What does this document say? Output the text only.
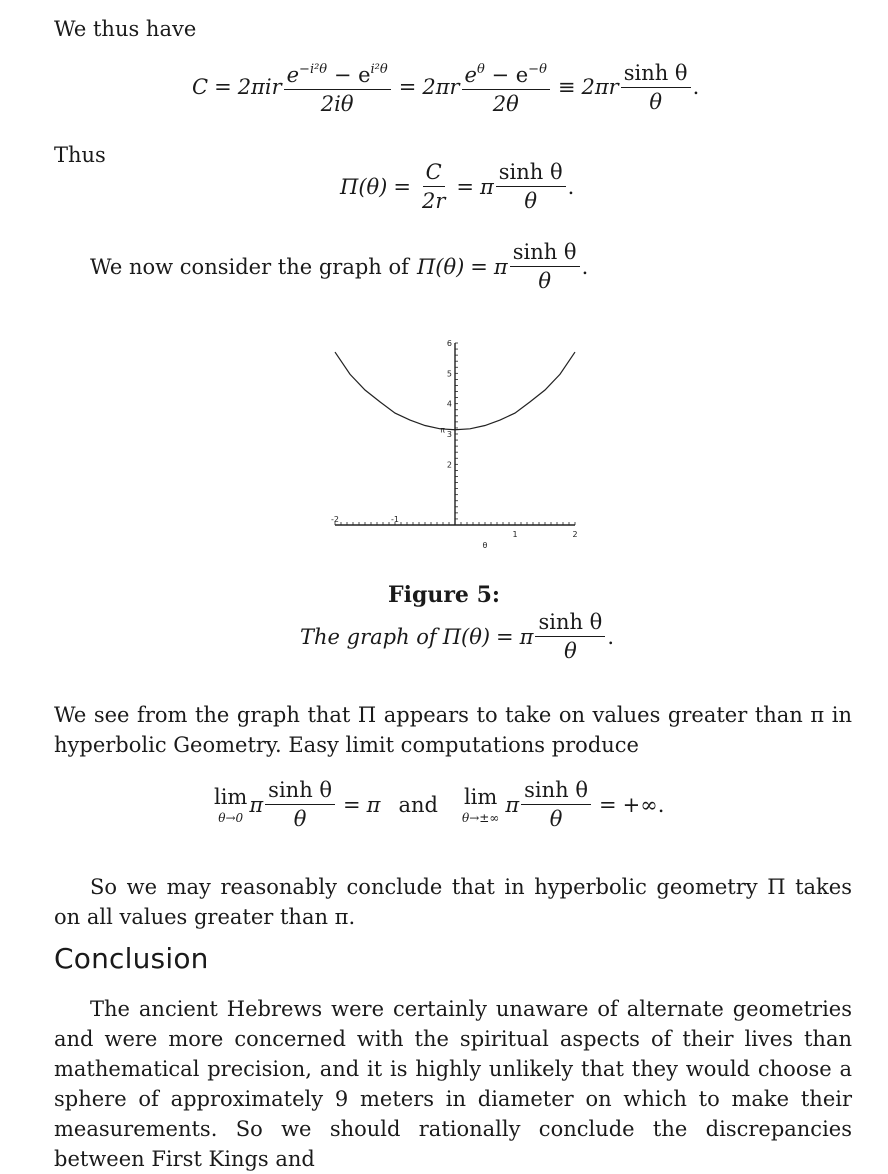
We thus have

$C = 2\pi ir \frac{e^{-i^2\theta} - e^{i^2\theta}}{2i\theta} = 2\pi r \frac{e^\theta - e^{-\theta}}{2\theta} \equiv 2\pi r \frac{\text{sinh θ}}{\theta}$ .

Thus

$\Pi(\theta) = \frac{C}{2r} = \pi \frac{\text{sinh θ}}{\theta}$ .
We now consider the graph of Π(θ) = π $\frac{\text{sinh θ}}{\theta}$ .
-2	-1
1	2
2
3
4
5
6
π
θ
Figure 5:
The graph of Π(θ) = π $\frac{\text{sinh θ}}{\theta}$ .

We see from the graph that Π appears to take on values greater than π in hyperbolic Geometry. Easy limit computations produce

lim
θ→0
π $\frac{\text{sinh θ}}{\theta} = \pi$ and lim
θ→±∞
π $\frac{\text{sinh θ}}{\theta}$ = +∞.

So we may reasonably conclude that in hyperbolic geometry Π takes on all values greater than π.

Conclusion

The ancient Hebrews were certainly unaware of alternate geometries and were more concerned with the spiritual aspects of their lives than mathematical precision, and it is highly unlikely that they would choose a sphere of approximately 9 meters in diameter on which to make their measurements. So we should rationally conclude the discrepancies between First Kings and
